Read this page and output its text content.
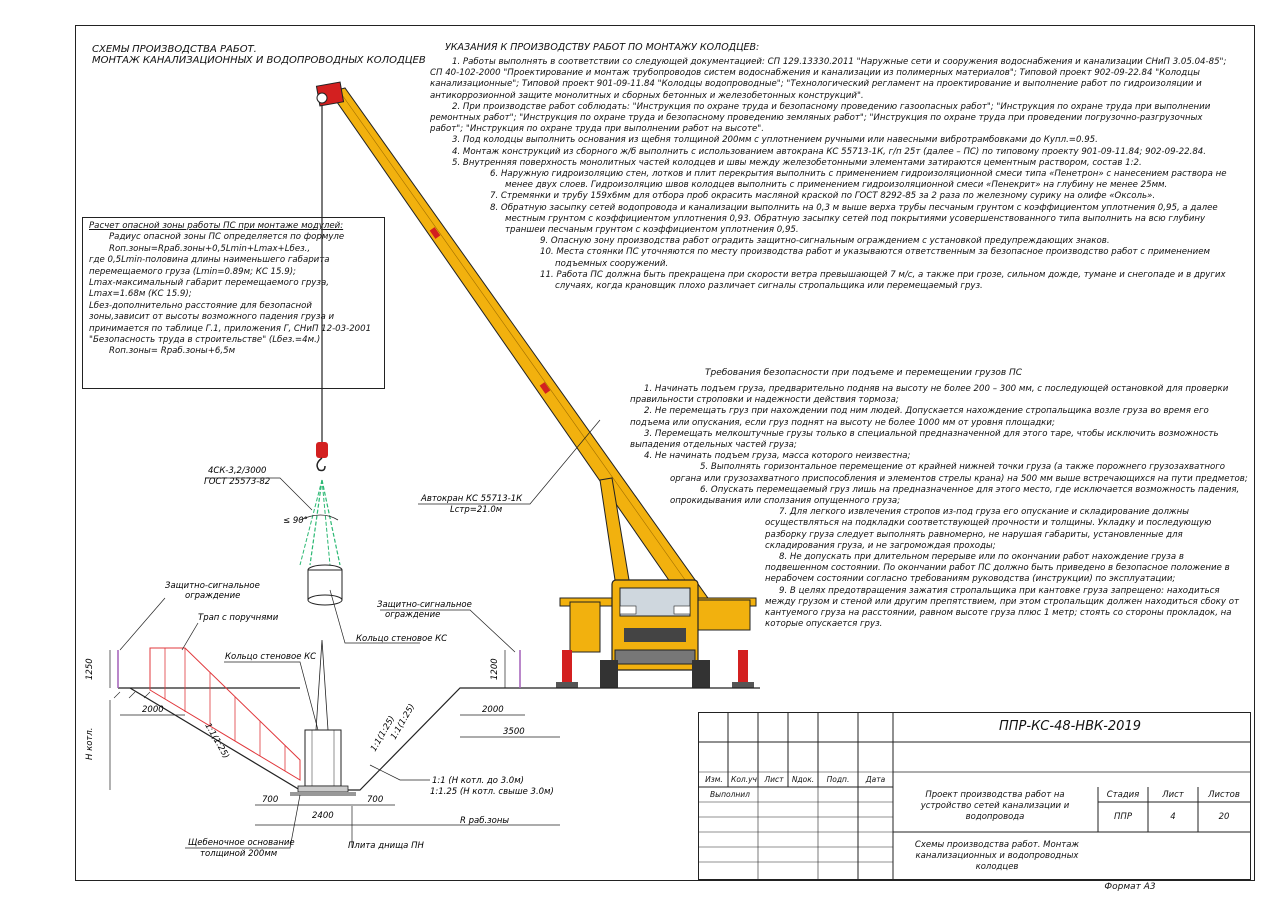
СХЕМЫ ПРОИЗВОДСТВА РАБОТ.
МОНТАЖ КАНАЛИЗАЦИОННЫХ И ВОДОПРОВОДНЫХ КОЛОДЦЕВ

Расчет опасной зоны работы ПС при монтаже модулей:

Радиус опасной зоны ПС определяется по формуле

Rоп.зоны=Rраб.зоны+0,5Lmin+Lmax+Lбез.,

где 0,5Lmin-половина длины наименьшего габарита

перемещаемого груза (Lmin=0.89м; КС 15.9);

Lmax-максимальный габарит перемещаемого груза,

Lmax=1.68м (КС 15.9);

Lбез-дополнительно расстояние для безопасной

зоны,зависит от высоты возможного падения груза и

принимается по таблице Г.1, приложения Г, СНиП 12-03-2001

"Безопасность труда в строительстве" (Lбез.=4м.)

Rоп.зоны= Rраб.зоны+6,5м

УКАЗАНИЯ К ПРОИЗВОДСТВУ РАБОТ ПО МОНТАЖУ КОЛОДЦЕВ:

1. Работы выполнять в соответствии со следующей документацией: СП 129.13330.2011 "Наружные сети и сооружения водоснабжения и канализации СНиП 3.05.04-85"; СП 40-102-2000 "Проектирование и монтаж трубопроводов систем водоснабжения и канализации из полимерных материалов"; Типовой проект 902-09-22.84 "Колодцы канализационные"; Типовой проект 901-09-11.84 "Колодцы водопроводные"; "Технологический регламент на проектирование и выполнение работ по гидроизоляции и антикоррозионной защите монолитных и сборных бетонных и железобетонных конструкций".

2. При производстве работ соблюдать: "Инструкция по охране труда и безопасному проведению газоопасных работ"; "Инструкция по охране труда при выполнении ремонтных работ"; "Инструкция по охране труда и безопасному проведению земляных работ"; "Инструкция по охране труда при проведении погрузочно-разгрузочных работ"; "Инструкция по охране труда при выполнении работ на высоте".

3. Под колодцы выполнить основания из щебня толщиной 200мм с уплотнением ручными или навесными вибротрамбовками до Купл.=0.95.

4. Монтаж конструкций из сборного ж/б выполнить с использованием автокрана КС 55713-1К, г/п 25т (далее – ПС) по типовому проекту 901-09-11.84; 902-09-22.84.

5. Внутренняя поверхность монолитных частей колодцев и швы между железобетонными элементами затираются цементным раствором, состав 1:2.

6. Наружную гидроизоляцию стен, лотков и плит перекрытия выполнить с применением гидроизоляционной смеси типа «Пенетрон» с нанесением раствора не менее двух слоев. Гидроизоляцию швов колодцев выполнить с применением гидроизоляционной смеси «Пенекрит» на глубину не менее 25мм.

7. Стремянки и трубу 159х6мм для отбора проб окрасить масляной краской по ГОСТ 8292-85 за 2 раза по железному сурику на олифе «Оксоль».

8. Обратную засыпку сетей водопровода и канализации выполнить на 0,3 м выше верха трубы песчаным грунтом с коэффициентом уплотнения 0,95, а далее местным грунтом с коэффициентом уплотнения 0,93. Обратную засыпку сетей под покрытиями усовершенствованного типа выполнить на всю глубину траншеи песчаным грунтом с коэффициентом уплотнения 0,95.

9. Опасную зону производства работ оградить защитно-сигнальным ограждением с установкой предупреждающих знаков.

10. Места стоянки ПС уточняются по месту производства работ и указываются ответственным за безопасное производство работ с применением подъемных сооружений.

11. Работа ПС должна быть прекращена при скорости ветра превышающей 7 м/с, а также при грозе, сильном дожде, тумане и снегопаде и в других случаях, когда крановщик плохо различает сигналы стропальщика или перемещаемый груз.

Требования безопасности при подъеме и перемещении грузов ПС

1. Начинать подъем груза, предварительно подняв на высоту не более 200 – 300 мм, с последующей остановкой для проверки правильности строповки и надежности действия тормоза;

2. Не перемещать груз при нахождении под ним людей. Допускается нахождение стропальщика возле груза во время его подъема или опускания, если груз поднят на высоту не более 1000 мм от уровня площадки;

3. Перемещать мелкоштучные грузы только в специальной предназначенной для этого таре, чтобы исключить возможность выпадения отдельных частей груза;

4. Не начинать подъем груза, масса которого неизвестна;

5. Выполнять горизонтальное перемещение от крайней нижней точки груза (а также порожнего грузозахватного органа или грузозахватного приспособления и элементов стрелы крана) на 500 мм выше встречающихся на пути предметов;

6. Опускать перемещаемый груз лишь на предназначенное для этого место, где исключается возможность падения, опрокидывания или сползания опущенного груза;

7. Для легкого извлечения стропов из-под груза его опускание и складирование должны осуществляться на подкладки соответствующей прочности и толщины. Укладку и последующую разборку груза следует выполнять равномерно, не нарушая габариты, установленные для складирования груза, и не загромождая проходы;

8. Не допускать при длительном перерыве или по окончании работ нахождение груза в подвешенном состоянии. По окончании работ ПС должно быть приведено в безопасное положение в нерабочем состоянии согласно требованиям руководства (инструкции) по эксплуатации;

9. В целях предотвращения зажатия стропальщика при кантовке груза запрещено: находиться между грузом и стеной или другим препятствием, при этом стропальщик должен находиться сбоку от кантуемого груза на расстоянии, равном высоте груза плюс 1 метр; стоять со стороны прокладок, на которые опускается груз.

4СК-3,2/3000
ГОСТ 25573-82
≤ 90°
Автокран КС 55713-1К
Lстр=21.0м
Защитно-сигнальное
ограждение
Трап с поручнями
Кольцо стеновое КС
Защитно-сигнальное
ограждение
Кольцо стеновое КС
1250	1200
2000	2000
3500
H котл.	1:1(1:25)	1:1(1:25)
1:1(1:25)
1:1 (Н котл. до 3.0м)
1:1.25 (Н котл. свыше 3.0м)
700	700
2400	R раб.зоны
Щебеночное основание
толщиной 200мм
Плита днища ПН
ППР-КС-48-НВК-2019
Изм.	Кол.уч	Лист	Nдок.	Подп.	Дата
Выполнил	Проект производства работ на устройство сетей канализации и водопровода
Схемы производства работ. Монтаж канализационных и водопроводных колодцев
Стадия	Лист	Листов
ППР	4	20
Формат А3
